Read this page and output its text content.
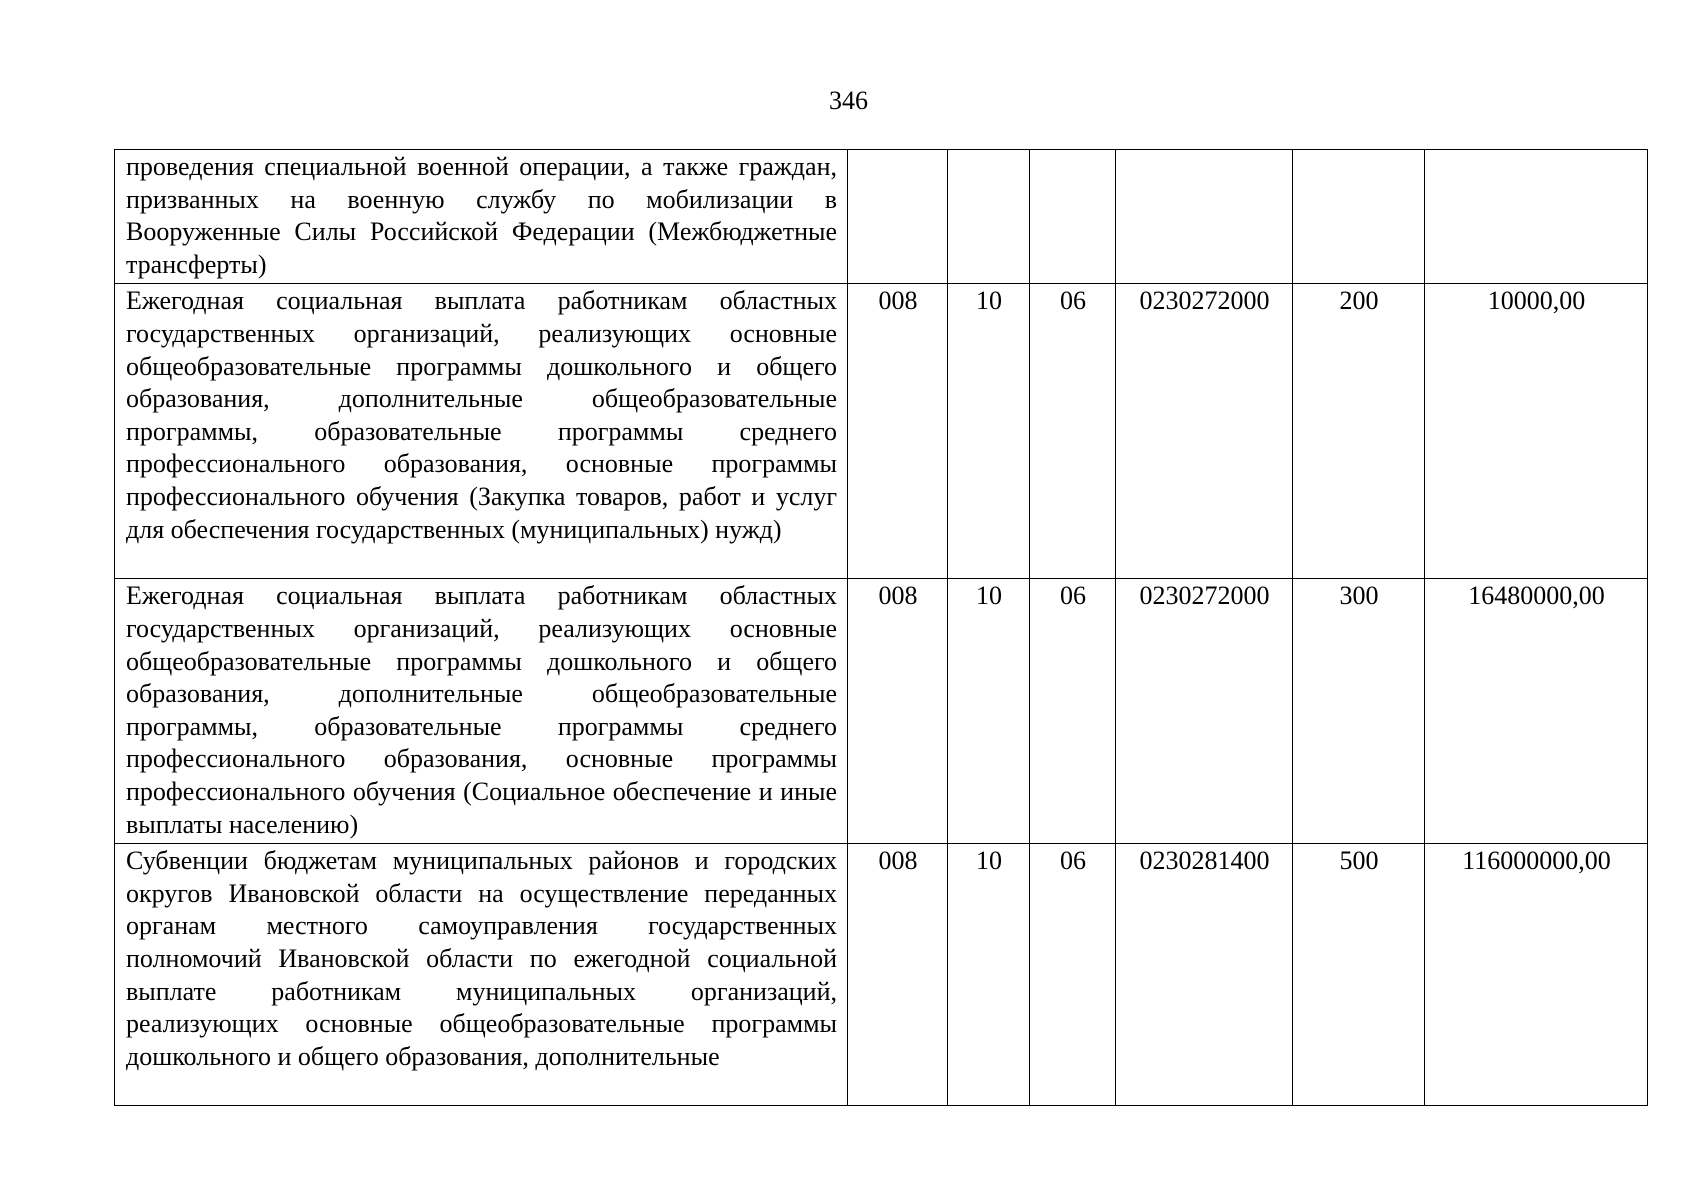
346
проведения специальной военной операции, а также граждан, призванных на военную службу по мобилизации в Вооруженные Силы Российской Федерации (Межбюджетные трансферты)						
Ежегодная социальная выплата работникам областных государственных организаций, реализующих основные общеобразовательные программы дошкольного и общего образования, дополнительные общеобразовательные программы, образовательные программы среднего профессионального образования, основные программы профессионального обучения (Закупка товаров, работ и услуг для обеспечения государственных (муниципальных) нужд)	008	10	06	0230272000	200	10000,00
Ежегодная социальная выплата работникам областных государственных организаций, реализующих основные общеобразовательные программы дошкольного и общего образования, дополнительные общеобразовательные программы, образовательные программы среднего профессионального образования, основные программы профессионального обучения (Социальное обеспечение и иные выплаты населению)	008	10	06	0230272000	300	16480000,00
Субвенции бюджетам муниципальных районов и городских округов Ивановской области на осуществление переданных органам местного самоуправления государственных полномочий Ивановской области по ежегодной социальной выплате работникам муниципальных организаций, реализующих основные общеобразовательные программы дошкольного и общего образования, дополнительные	008	10	06	0230281400	500	116000000,00
